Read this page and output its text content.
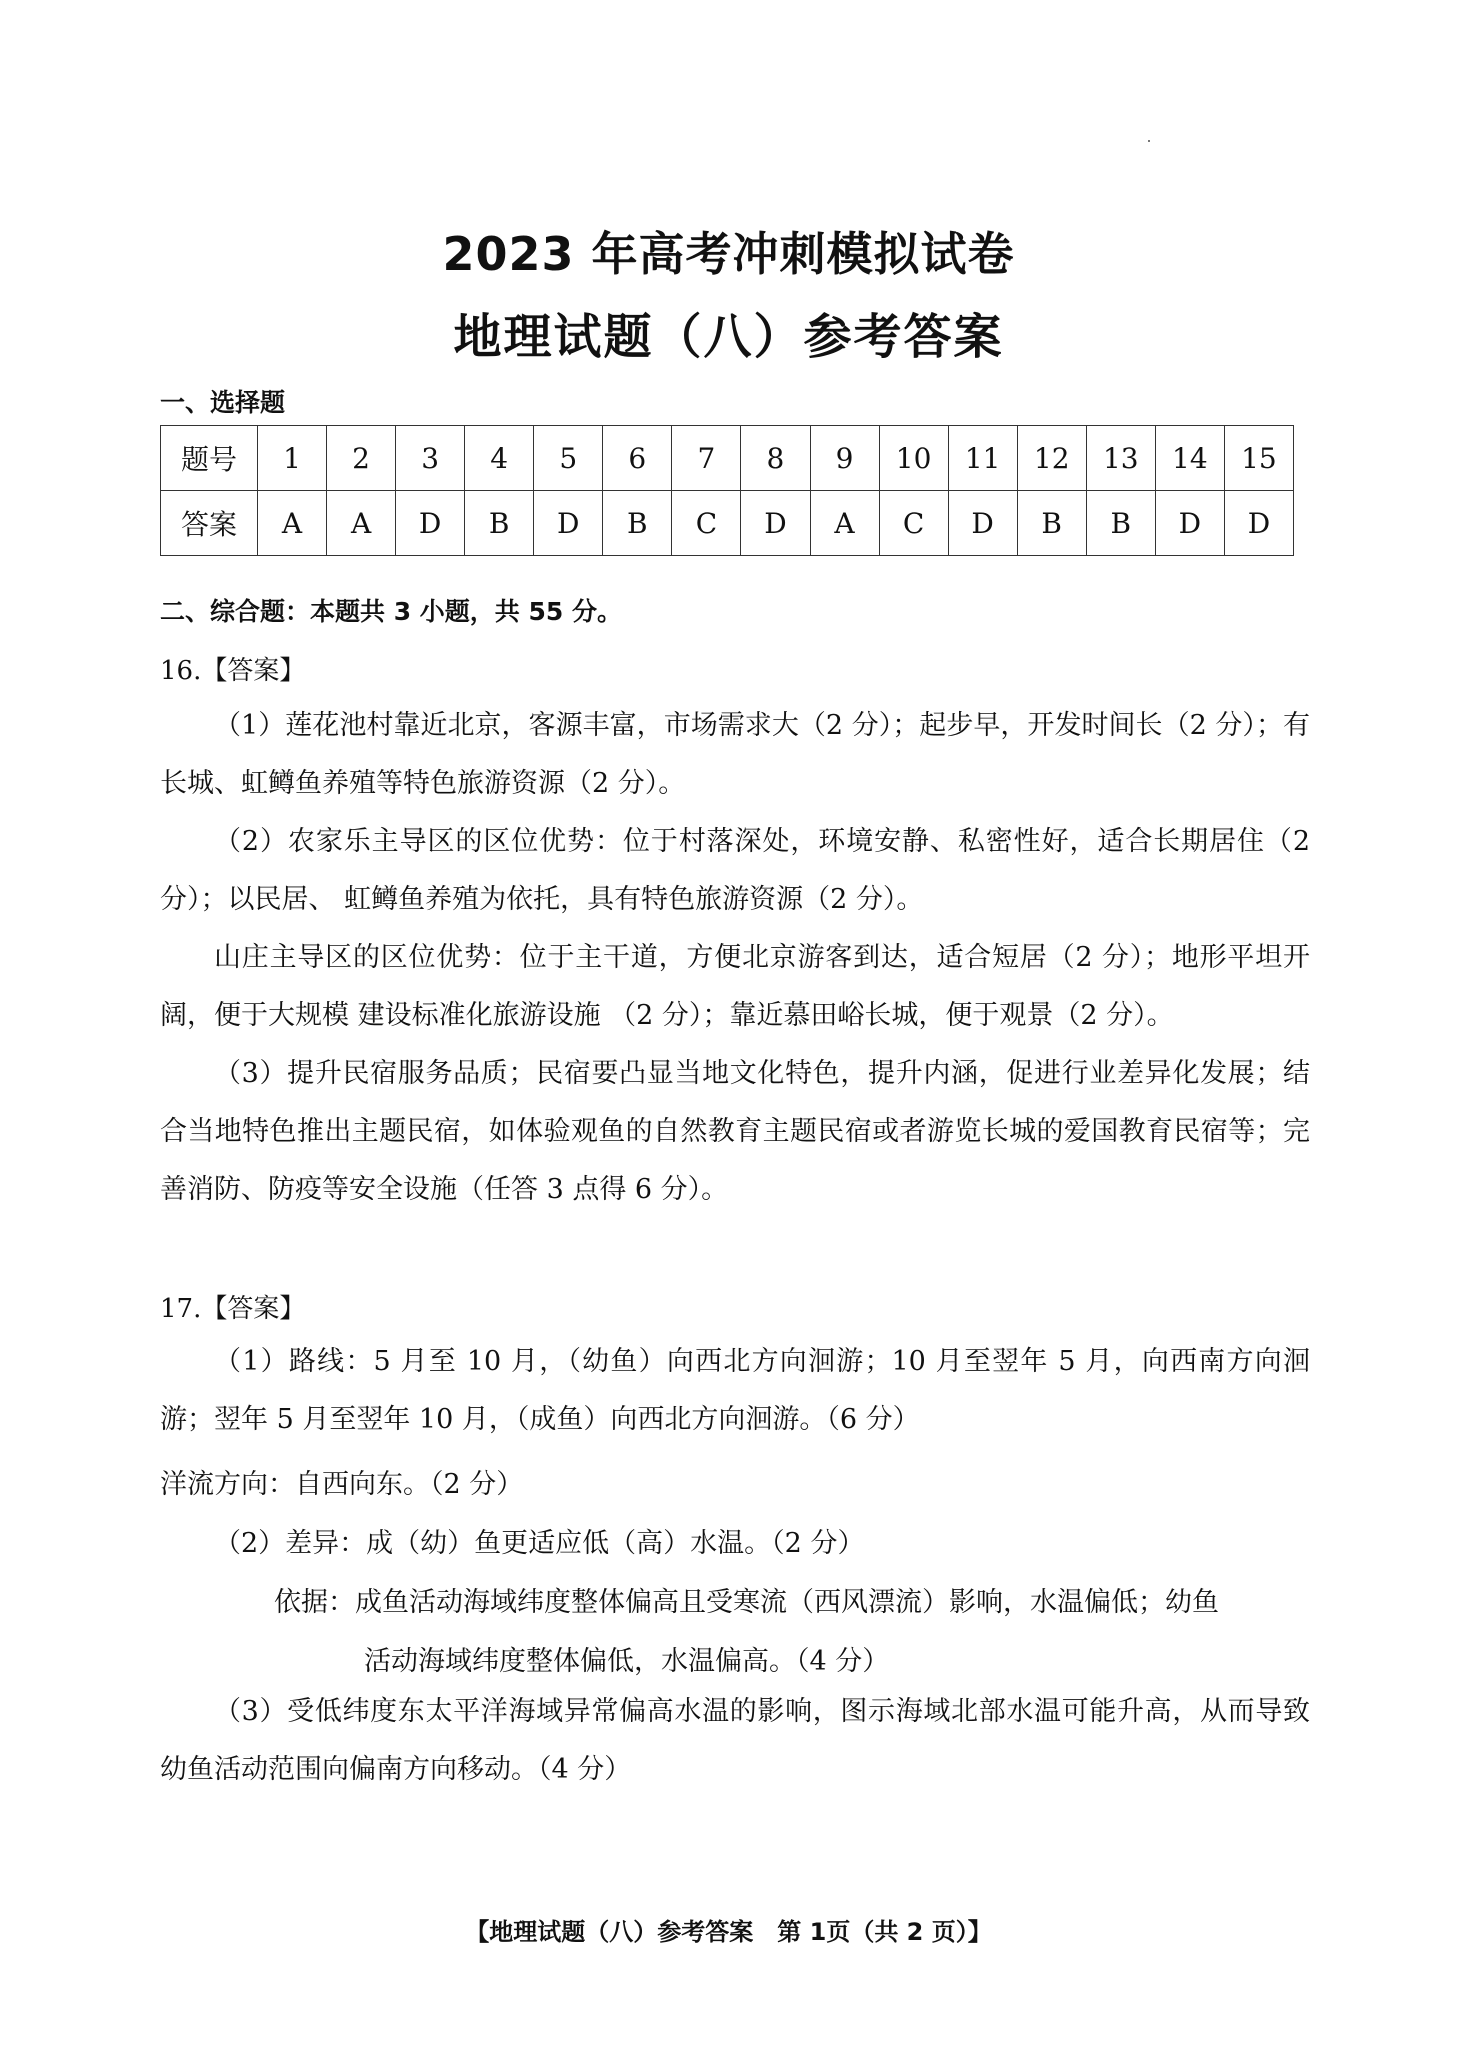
2023 年高考冲刺模拟试卷
地理试题（八）参考答案
一、选择题
题号	1	2	3	4	5	6	7	8	9	10	11	12	13	14	15
答案	A	A	D	B	D	B	C	D	A	C	D	B	B	D	D
二、综合题：本题共 3 小题，共 55 分。
16.【答案】
（1）莲花池村靠近北京，客源丰富，市场需求大（2 分）；起步早，开发时间长（2 分）；有长城、虹鳟鱼养殖等特色旅游资源（2 分）。
（2）农家乐主导区的区位优势：位于村落深处，环境安静、私密性好，适合长期居住（2 分）；以民居、 虹鳟鱼养殖为依托，具有特色旅游资源（2 分）。
山庄主导区的区位优势：位于主干道，方便北京游客到达，适合短居（2 分）；地形平坦开阔，便于大规模 建设标准化旅游设施 （2 分）；靠近慕田峪长城，便于观景（2 分）。
（3）提升民宿服务品质；民宿要凸显当地文化特色，提升内涵，促进行业差异化发展；结合当地特色推出主题民宿，如体验观鱼的自然教育主题民宿或者游览长城的爱国教育民宿等；完善消防、防疫等安全设施（任答 3 点得 6 分）。
17.【答案】
（1）路线：5 月至 10 月，（幼鱼）向西北方向洄游；10 月至翌年 5 月，向西南方向洄游；翌年 5 月至翌年 10 月，（成鱼）向西北方向洄游。（6 分）
洋流方向：自西向东。（2 分）
（2）差异：成（幼）鱼更适应低（高）水温。（2 分）
依据：成鱼活动海域纬度整体偏高且受寒流（西风漂流）影响，水温偏低；幼鱼
活动海域纬度整体偏低，水温偏高。（4 分）
（3）受低纬度东太平洋海域异常偏高水温的影响，图示海域北部水温可能升高，从而导致幼鱼活动范围向偏南方向移动。（4 分）
【地理试题（八）参考答案　第 1页（共 2 页）】
